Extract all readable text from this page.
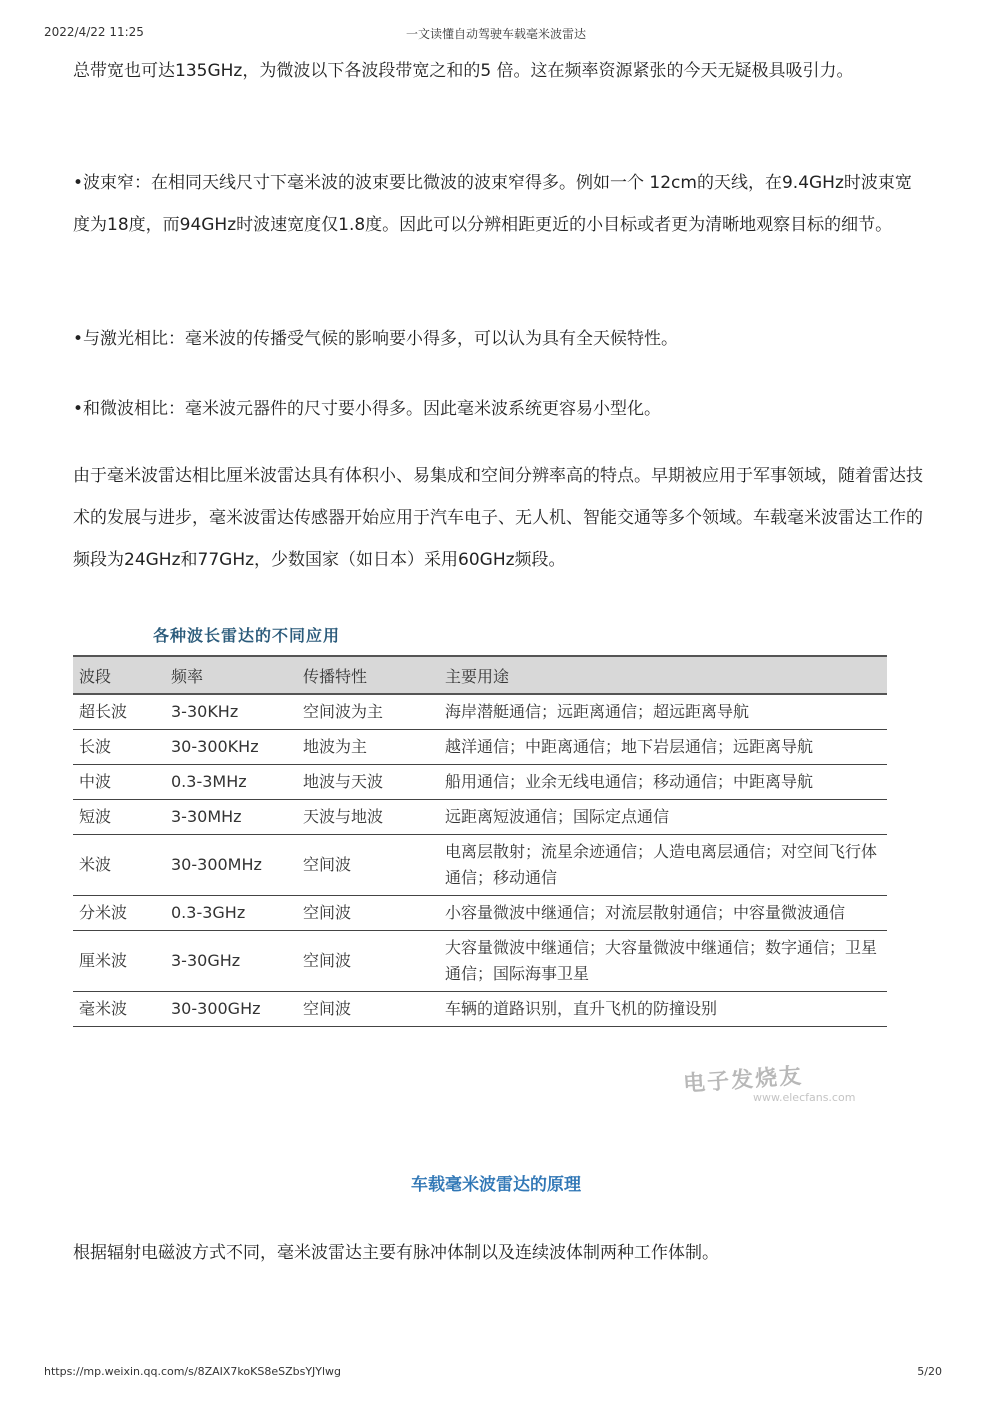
2022/4/22 11:25	一文读懂自动驾驶车载毫米波雷达

总带宽也可达135GHz，为微波以下各波段带宽之和的5 倍。这在频率资源紧张的今天无疑极具吸引力。

•波束窄：在相同天线尺寸下毫米波的波束要比微波的波束窄得多。例如一个 12cm的天线，在9.4GHz时波束宽度为18度，而94GHz时波速宽度仅1.8度。因此可以分辨相距更近的小目标或者更为清晰地观察目标的细节。

•与激光相比：毫米波的传播受气候的影响要小得多，可以认为具有全天候特性。

•和微波相比：毫米波元器件的尺寸要小得多。因此毫米波系统更容易小型化。

由于毫米波雷达相比厘米波雷达具有体积小、易集成和空间分辨率高的特点。早期被应用于军事领域，随着雷达技术的发展与进步，毫米波雷达传感器开始应用于汽车电子、无人机、智能交通等多个领域。车载毫米波雷达工作的频段为24GHz和77GHz，少数国家（如日本）采用60GHz频段。

各种波长雷达的不同应用
波段	频率	传播特性	主要用途
超长波	3-30KHz	空间波为主	海岸潜艇通信；远距离通信；超远距离导航
长波	30-300KHz	地波为主	越洋通信；中距离通信；地下岩层通信；远距离导航
中波	0.3-3MHz	地波与天波	船用通信；业余无线电通信；移动通信；中距离导航
短波	3-30MHz	天波与地波	远距离短波通信；国际定点通信
米波	30-300MHz	空间波	电离层散射；流星余迹通信；人造电离层通信；对空间飞行体通信；移动通信
分米波	0.3-3GHz	空间波	小容量微波中继通信；对流层散射通信；中容量微波通信
厘米波	3-30GHz	空间波	大容量微波中继通信；大容量微波中继通信；数字通信；卫星通信；国际海事卫星
毫米波	30-300GHz	空间波	车辆的道路识别，直升飞机的防撞设别
电子发烧友
www.elecfans.com
车载毫米波雷达的原理

根据辐射电磁波方式不同，毫米波雷达主要有脉冲体制以及连续波体制两种工作体制。

https://mp.weixin.qq.com/s/8ZAIX7koKS8eSZbsYJYlwg	5/20
